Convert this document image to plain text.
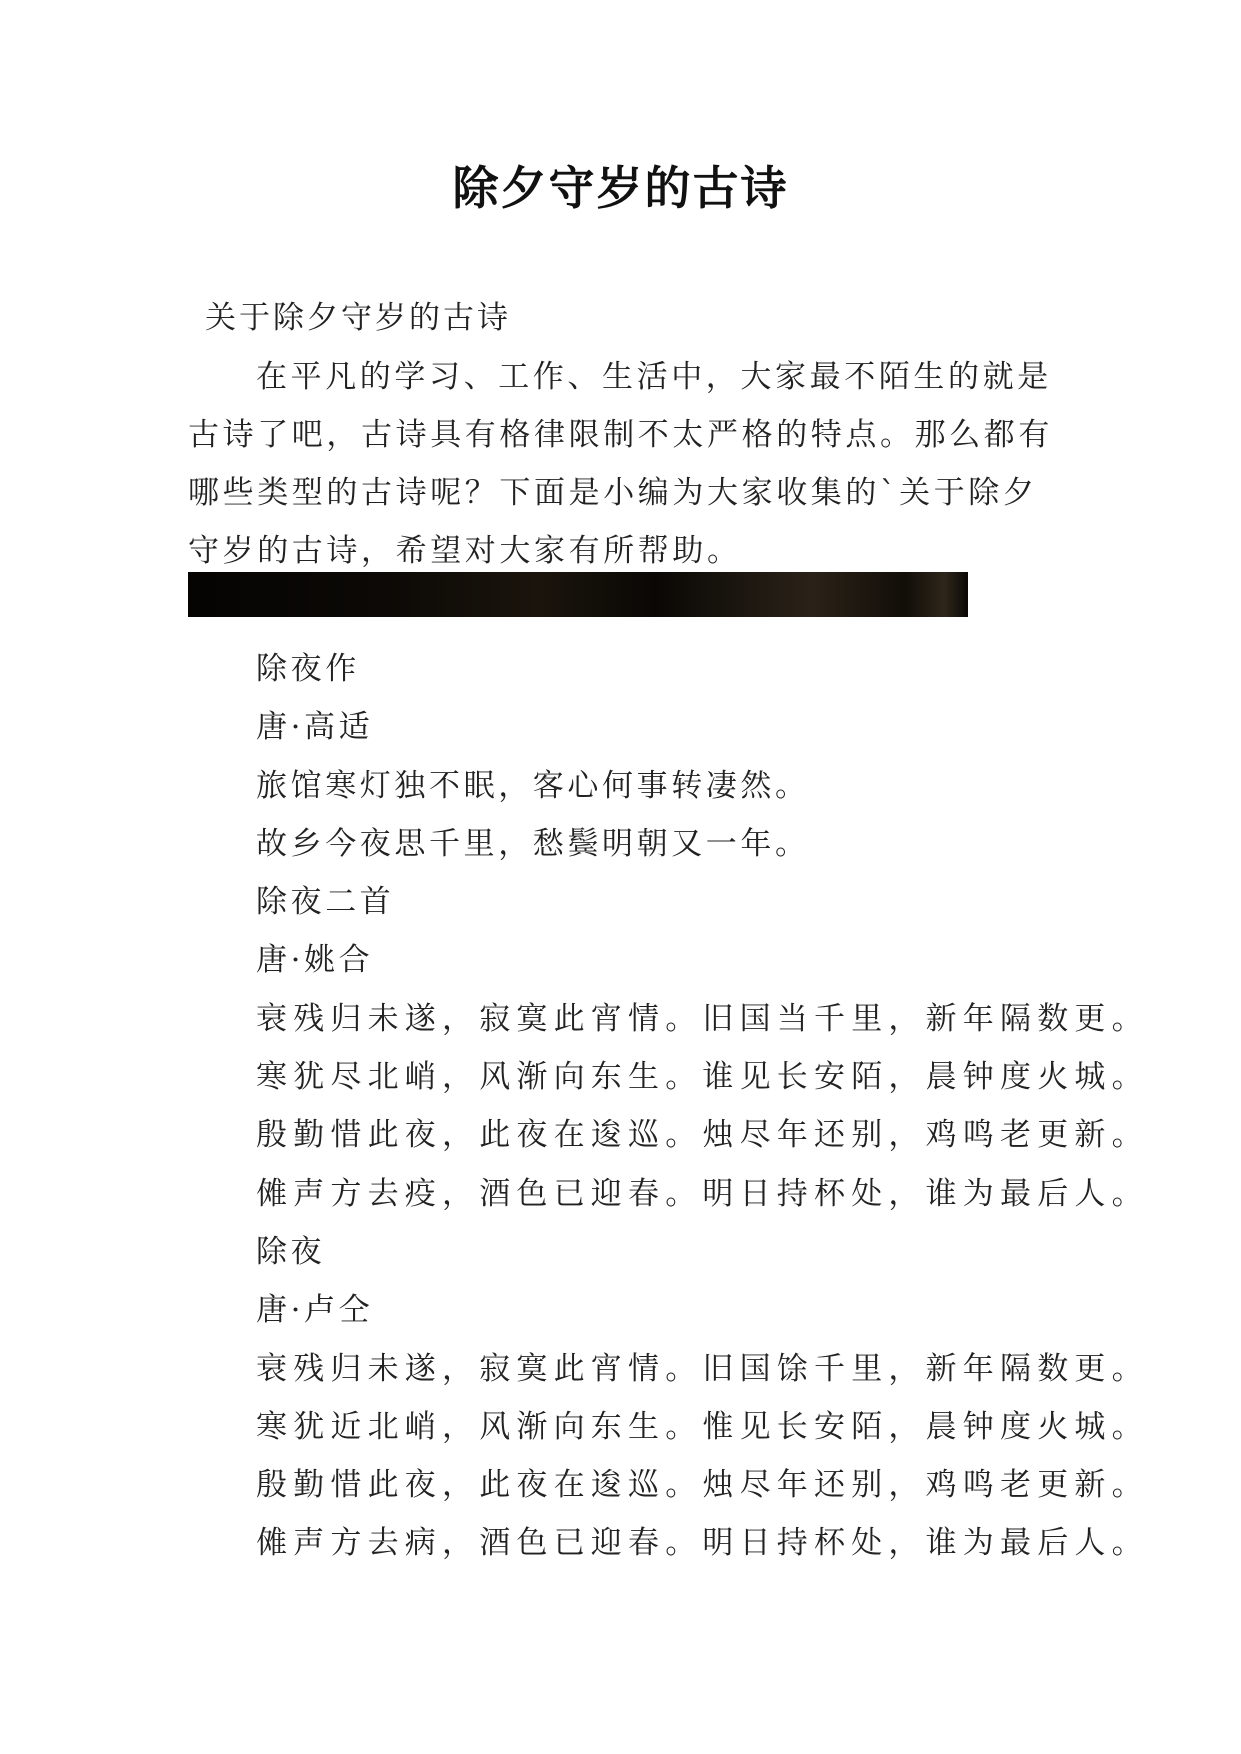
除夕守岁的古诗

关于除夕守岁的古诗

在平凡的学习、工作、生活中，大家最不陌生的就是古诗了吧，古诗具有格律限制不太严格的特点。那么都有哪些类型的古诗呢？下面是小编为大家收集的`关于除夕守岁的古诗，希望对大家有所帮助。

除夜作
唐·高适
旅馆寒灯独不眠，客心何事转凄然。
故乡今夜思千里，愁鬓明朝又一年。
除夜二首
唐·姚合
衰残归未遂，寂寞此宵情。旧国当千里，新年隔数更。
寒犹尽北峭，风渐向东生。谁见长安陌，晨钟度火城。
殷勤惜此夜，此夜在逡巡。烛尽年还别，鸡鸣老更新。
傩声方去疫，酒色已迎春。明日持杯处，谁为最后人。
除夜
唐·卢仝
衰残归未遂，寂寞此宵情。旧国馀千里，新年隔数更。
寒犹近北峭，风渐向东生。惟见长安陌，晨钟度火城。
殷勤惜此夜，此夜在逡巡。烛尽年还别，鸡鸣老更新。
傩声方去病，酒色已迎春。明日持杯处，谁为最后人。
